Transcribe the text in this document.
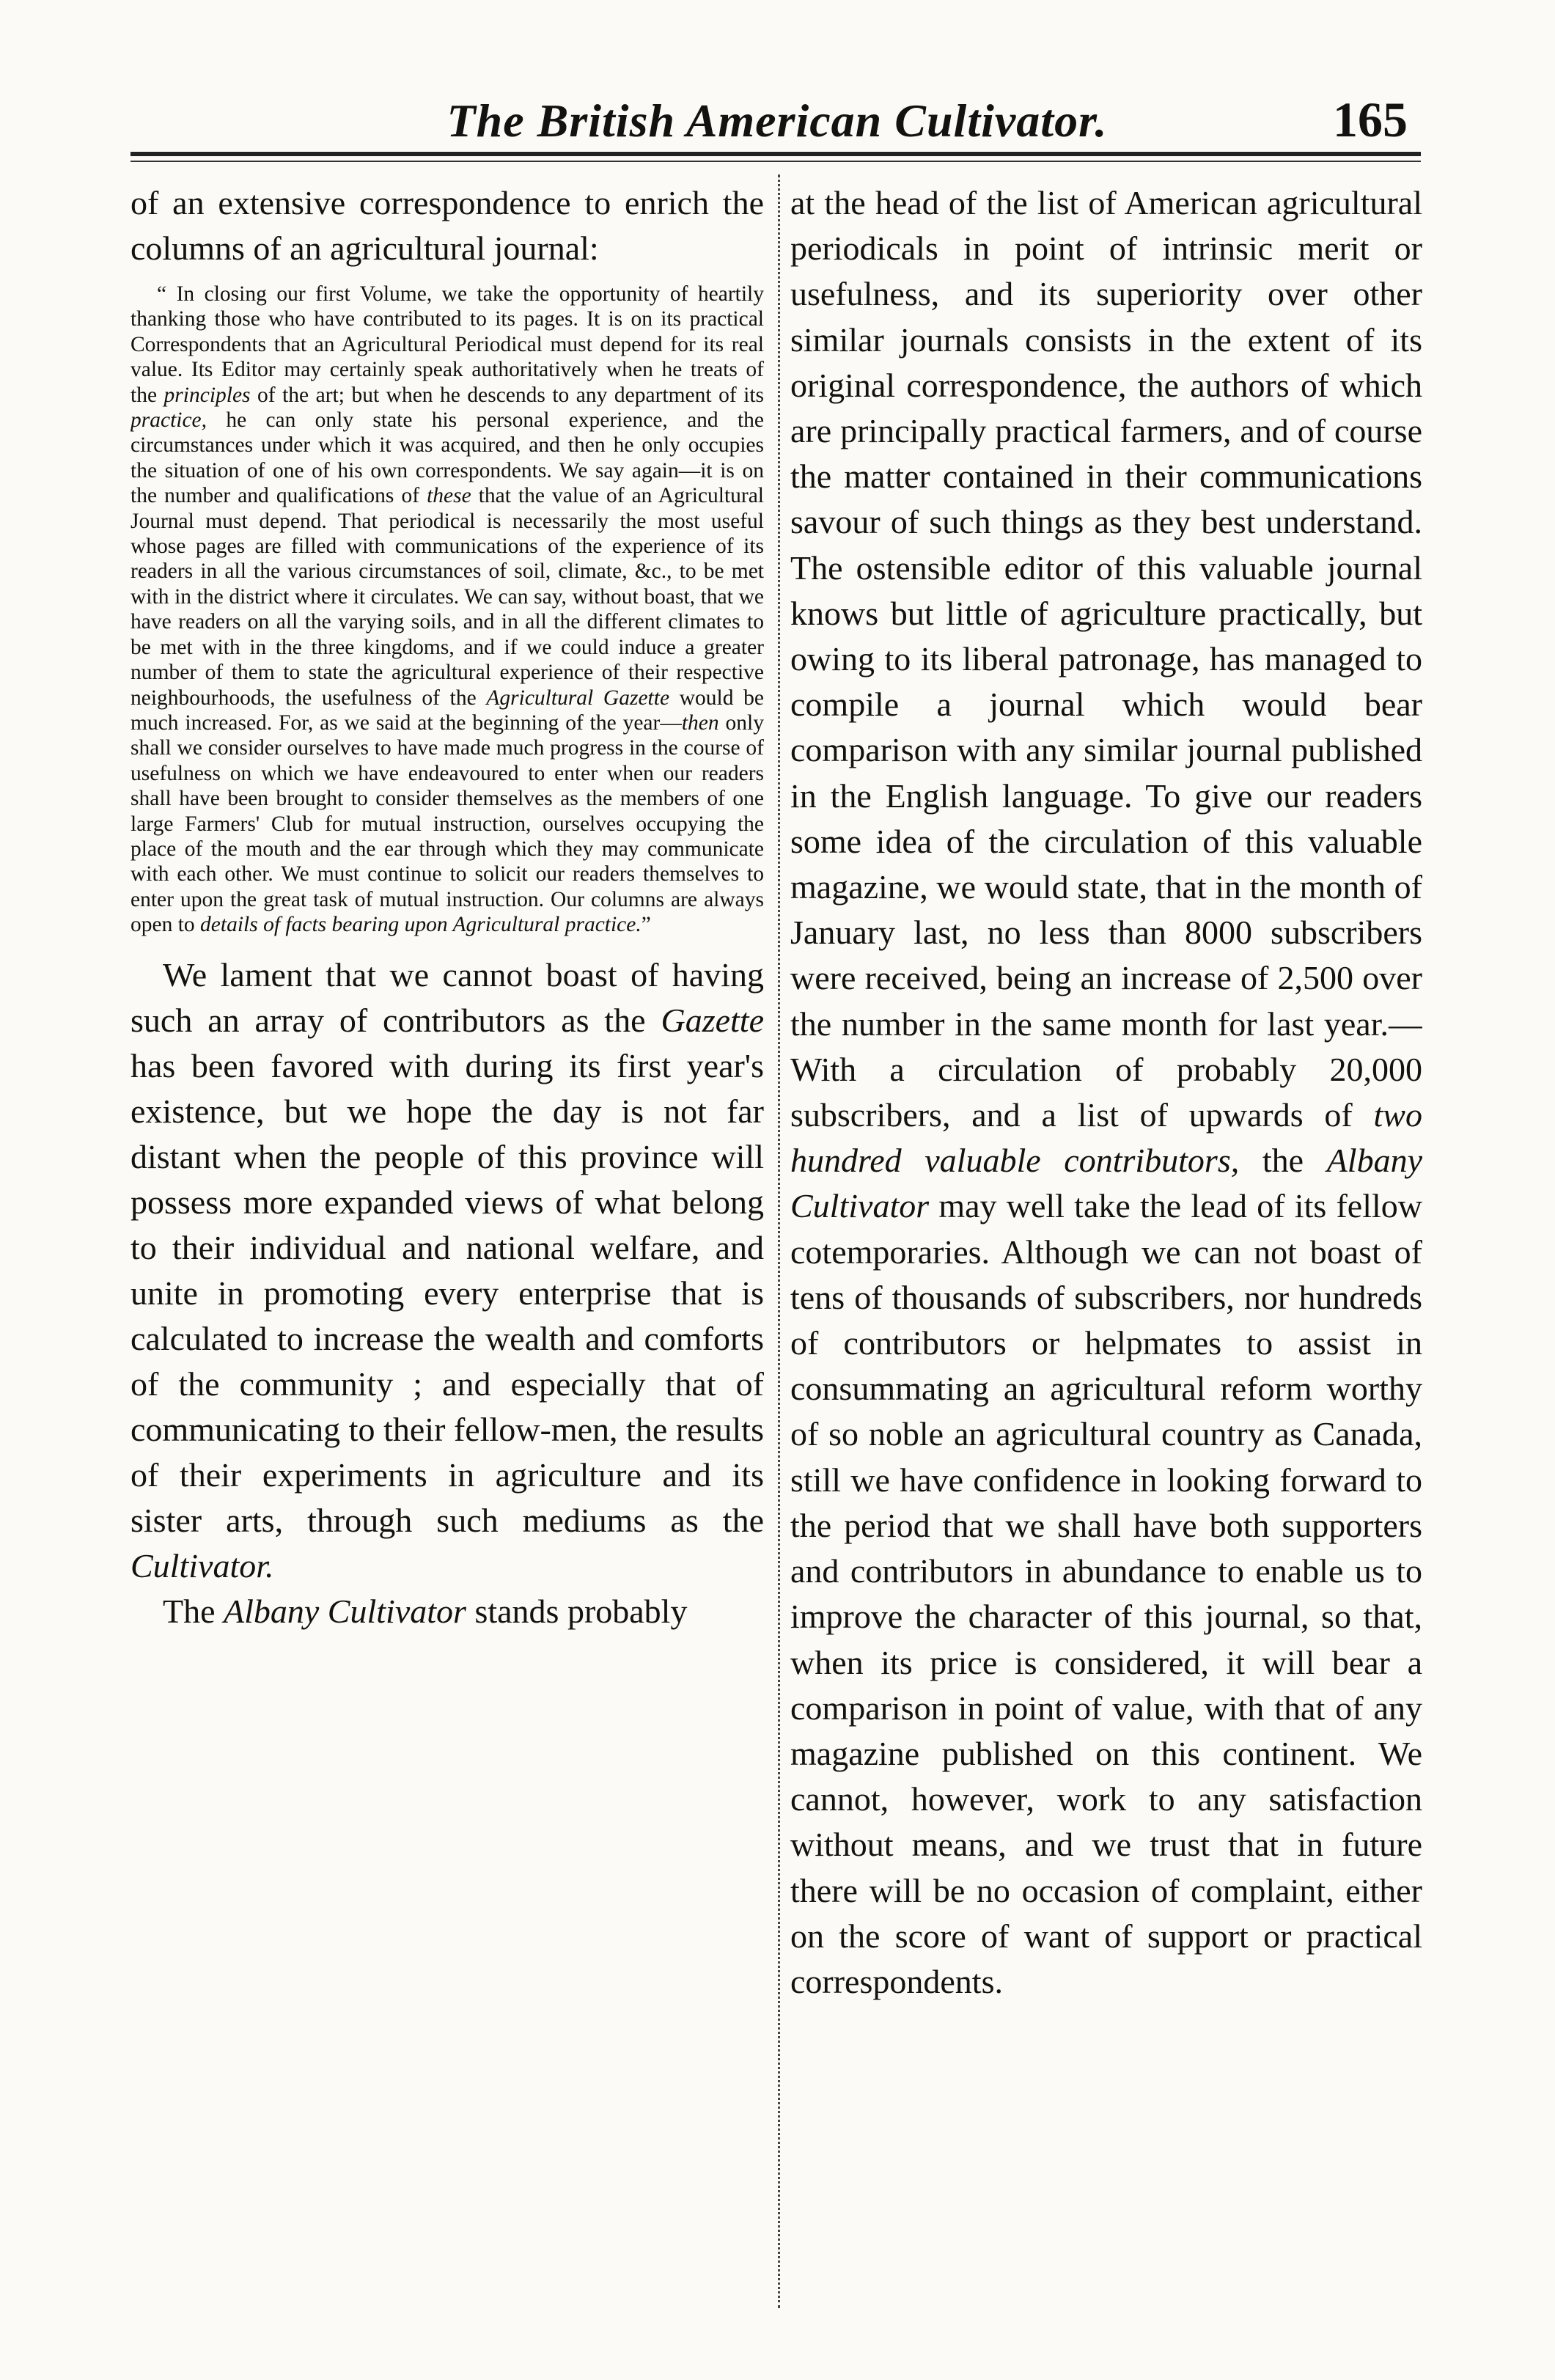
The British American Cultivator.	165

of an extensive correspondence to enrich the columns of an agricultural journal:

“ In closing our first Volume, we take the opportunity of heartily thanking those who have contributed to its pages. It is on its practical Correspondents that an Agricultural Periodical must depend for its real value. Its Editor may certainly speak authoritatively when he treats of the principles of the art; but when he descends to any department of its practice, he can only state his personal experience, and the circumstances under which it was acquired, and then he only occupies the situation of one of his own correspondents. We say again—it is on the number and qualifications of these that the value of an Agricultural Journal must depend. That periodical is necessarily the most useful whose pages are filled with communications of the experience of its readers in all the various circumstances of soil, climate, &c., to be met with in the district where it circulates. We can say, without boast, that we have readers on all the varying soils, and in all the different climates to be met with in the three kingdoms, and if we could induce a greater number of them to state the agricultural experience of their respective neighbourhoods, the usefulness of the Agricultural Gazette would be much increased. For, as we said at the beginning of the year—then only shall we consider ourselves to have made much progress in the course of usefulness on which we have endeavoured to enter when our readers shall have been brought to consider themselves as the members of one large Farmers' Club for mutual instruction, ourselves occupying the place of the mouth and the ear through which they may communicate with each other. We must continue to solicit our readers themselves to enter upon the great task of mutual instruction. Our columns are always open to details of facts bearing upon Agricultural practice.”

We lament that we cannot boast of having such an array of contributors as the Gazette has been favored with during its first year's existence, but we hope the day is not far distant when the people of this province will possess more expanded views of what belong to their individual and national welfare, and unite in promoting every enterprise that is calculated to increase the wealth and comforts of the community ; and especially that of communicating to their fellow-men, the results of their experiments in agriculture and its sister arts, through such mediums as the Cultivator.

The Albany Cultivator stands probably

at the head of the list of American agricultural periodicals in point of intrinsic merit or usefulness, and its superiority over other similar journals consists in the extent of its original correspondence, the authors of which are principally practical farmers, and of course the matter contained in their communications savour of such things as they best understand. The ostensible editor of this valuable journal knows but little of agriculture practically, but owing to its liberal patronage, has managed to compile a journal which would bear comparison with any similar journal published in the English language. To give our readers some idea of the circulation of this valuable magazine, we would state, that in the month of January last, no less than 8000 subscribers were received, being an increase of 2,500 over the number in the same month for last year.— With a circulation of probably 20,000 subscribers, and a list of upwards of two hundred valuable contributors, the Albany Cultivator may well take the lead of its fellow cotemporaries. Although we can not boast of tens of thousands of subscribers, nor hundreds of contributors or helpmates to assist in consummating an agricultural reform worthy of so noble an agricultural country as Canada, still we have confidence in looking forward to the period that we shall have both supporters and contributors in abundance to enable us to improve the character of this journal, so that, when its price is considered, it will bear a comparison in point of value, with that of any magazine published on this continent. We cannot, however, work to any satisfaction without means, and we trust that in future there will be no occasion of complaint, either on the score of want of support or practical correspondents.
